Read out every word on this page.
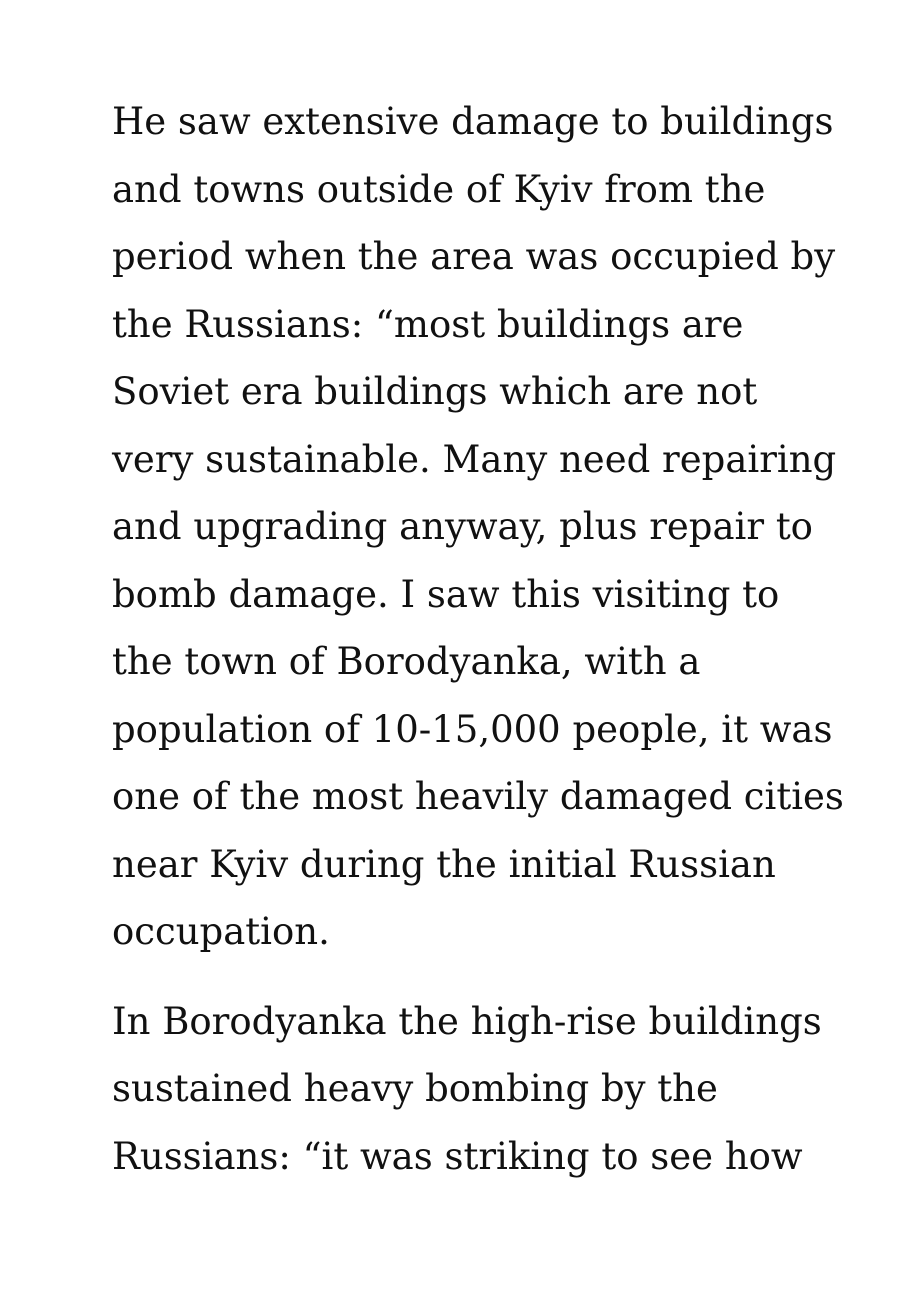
He saw extensive damage to buildings
and towns outside of Kyiv from the
period when the area was occupied by
the Russians: “most buildings are
Soviet era buildings which are not
very sustainable. Many need repairing
and upgrading anyway, plus repair to
bomb damage. I saw this visiting to
the town of Borodyanka, with a
population of 10-15,000 people, it was
one of the most heavily damaged cities
near Kyiv during the initial Russian
occupation.

In Borodyanka the high-rise buildings
sustained heavy bombing by the
Russians: “it was striking to see how
